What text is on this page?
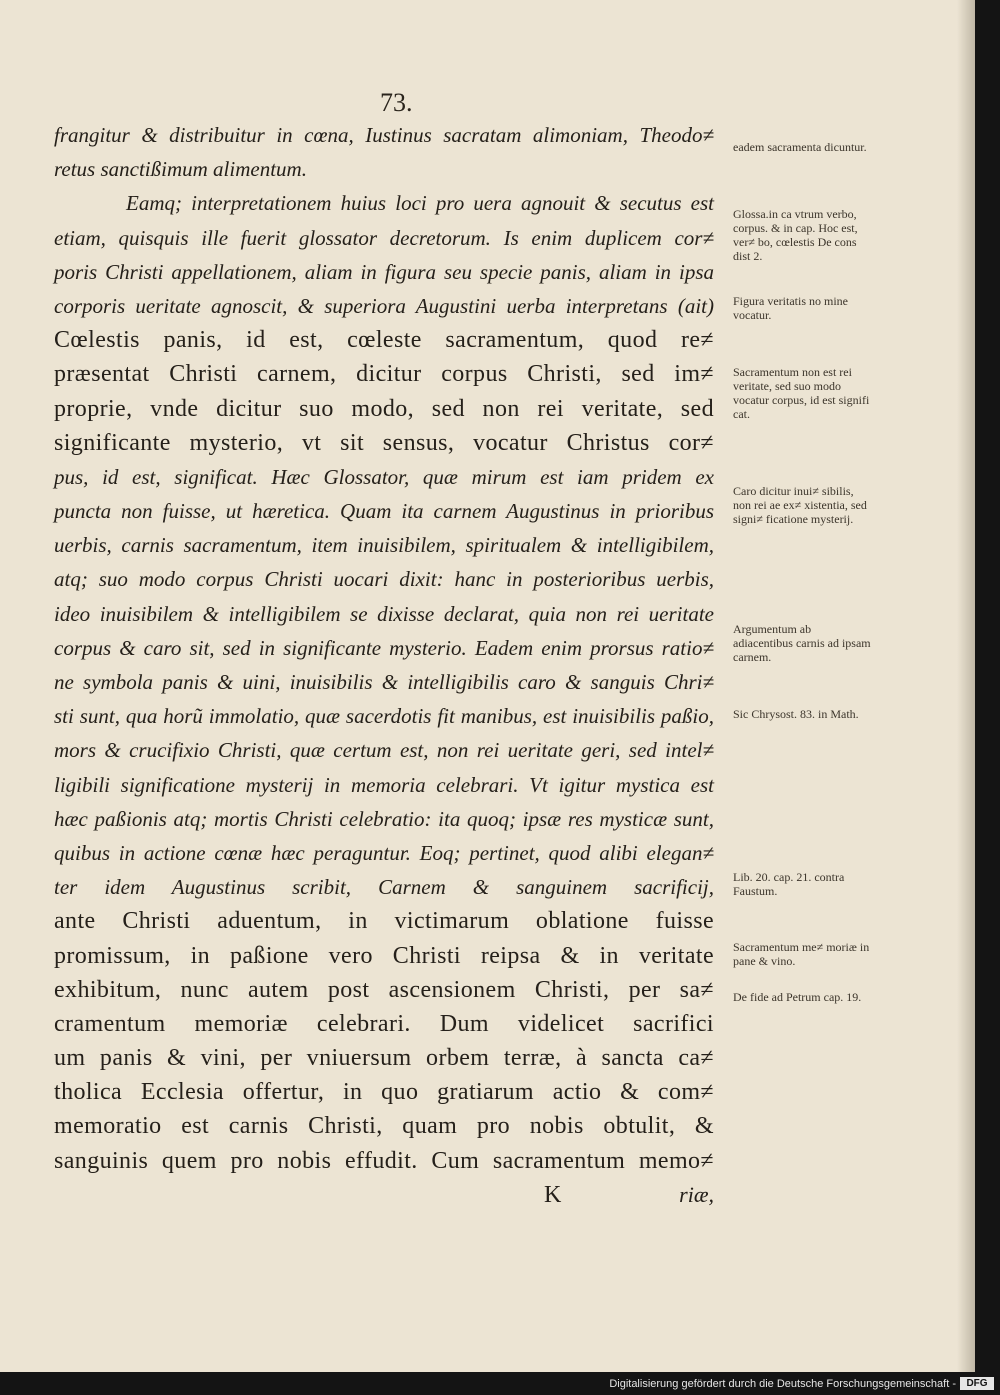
73.
frangitur & distribuitur in cœna, Iustinus sacratam alimoniam, Theodo≠
retus sanctißimum alimentum.
Eamq; interpretationem huius loci pro uera agnouit & secutus est
etiam, quisquis ille fuerit glossator decretorum. Is enim duplicem cor≠
poris Christi appellationem, aliam in figura seu specie panis, aliam in ipsa
corporis ueritate agnoscit, & superiora Augustini uerba interpretans (ait)
Cœlestis panis, id est, cœleste sacramentum, quod re≠
præsentat Christi carnem, dicitur corpus Christi, sed im≠
proprie, vnde dicitur suo modo, sed non rei veritate, sed
significante mysterio, vt sit sensus, vocatur Christus cor≠
pus, id est, significat. Hæc Glossator, quæ mirum est iam pridem ex
puncta non fuisse, ut hæretica. Quam ita carnem Augustinus in prioribus
uerbis, carnis sacramentum, item inuisibilem, spiritualem & intelligibilem,
atq; suo modo corpus Christi uocari dixit: hanc in posterioribus uerbis,
ideo inuisibilem & intelligibilem se dixisse declarat, quia non rei ueritate
corpus & caro sit, sed in significante mysterio. Eadem enim prorsus ratio≠
ne symbola panis & uini, inuisibilis & intelligibilis caro & sanguis Chri≠
sti sunt, qua horũ immolatio, quæ sacerdotis fit manibus, est inuisibilis paßio,
mors & crucifixio Christi, quæ certum est, non rei ueritate geri, sed intel≠
ligibili significatione mysterij in memoria celebrari. Vt igitur mystica est
hæc paßionis atq; mortis Christi celebratio: ita quoq; ipsæ res mysticæ sunt,
quibus in actione cœnæ hæc peraguntur. Eoq; pertinet, quod alibi elegan≠
ter idem Augustinus scribit, Carnem & sanguinem sacrificij,
ante Christi aduentum, in victimarum oblatione fuisse
promissum, in paßione vero Christi reipsa & in veritate
exhibitum, nunc autem post ascensionem Christi, per sa≠
cramentum memoriæ celebrari. Dum videlicet sacrifici
um panis & vini, per vniuersum orbem terræ, à sancta ca≠
tholica Ecclesia offertur, in quo gratiarum actio & com≠
memoratio est carnis Christi, quam pro nobis obtulit, &
sanguinis quem pro nobis effudit. Cum sacramentum memo≠
K	riæ,
eadem sacramenta dicuntur.
Glossa.in ca vtrum verbo, corpus. & in cap. Hoc est, ver≠ bo, cœlestis De cons dist 2.
Figura veritatis no mine vocatur.
Sacramentum non est rei veritate, sed suo modo vocatur corpus, id est signifi cat.
Caro dicitur inui≠ sibilis, non rei ae ex≠ xistentia, sed signi≠ ficatione mysterij.
Argumentum ab adiacentibus carnis ad ipsam carnem.
Sic Chrysost. 83. in Math.
Lib. 20. cap. 21. contra Faustum.
Sacramentum me≠ moriæ in pane & vino.
De fide ad Petrum cap. 19.
Digitalisierung gefördert durch die Deutsche Forschungsgemeinschaft -	DFG
